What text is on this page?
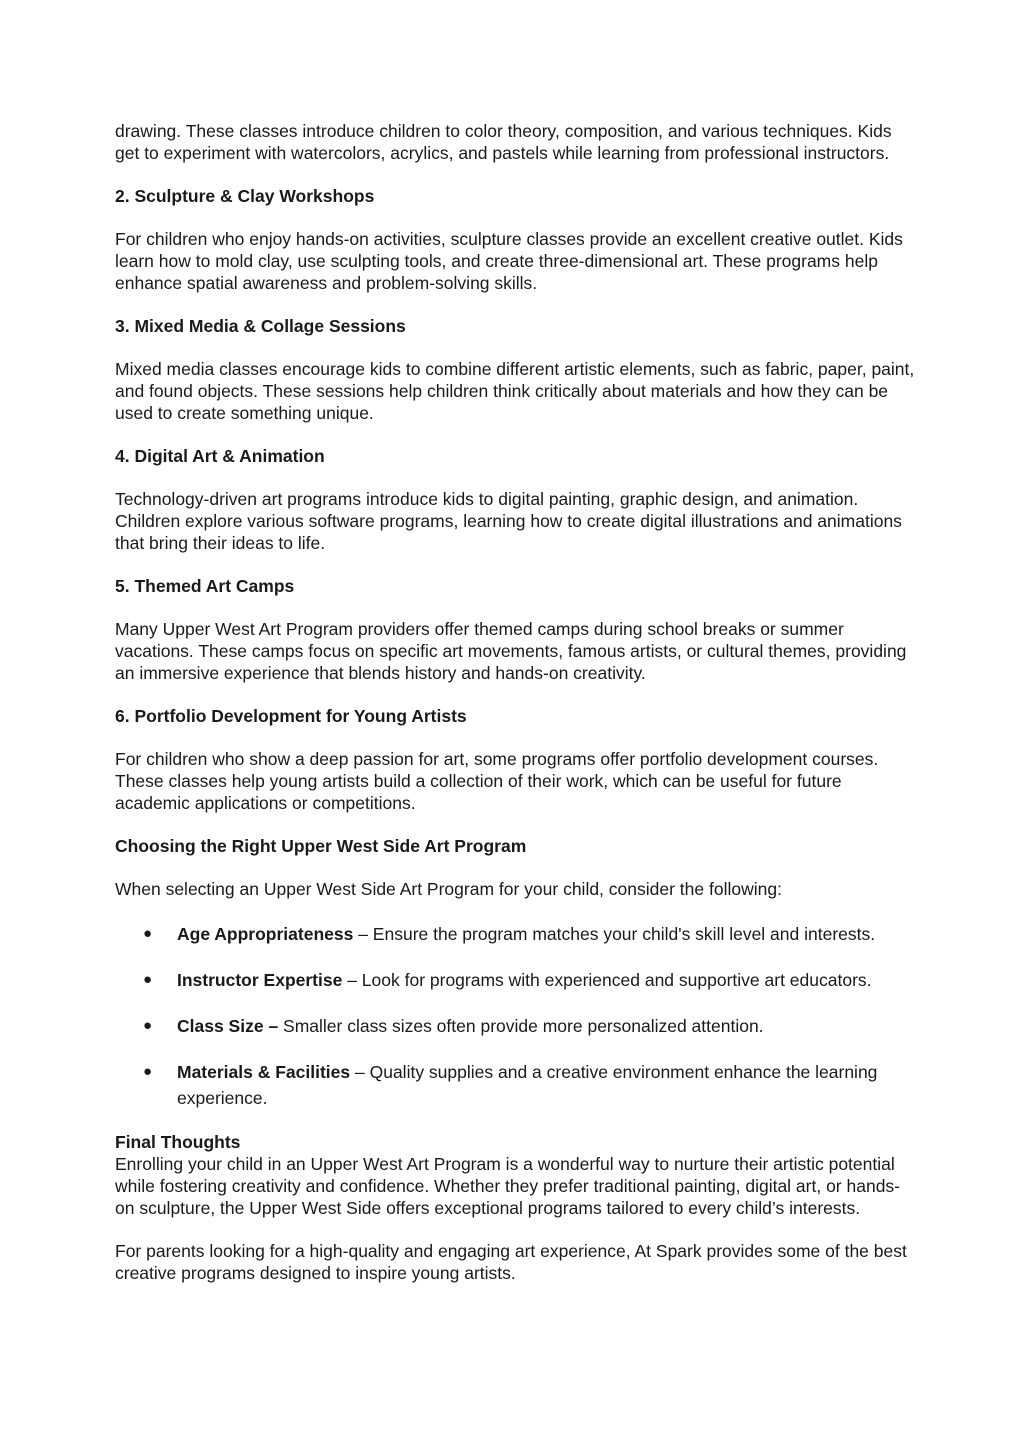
drawing. These classes introduce children to color theory, composition, and various techniques. Kids get to experiment with watercolors, acrylics, and pastels while learning from professional instructors.

2. Sculpture & Clay Workshops

For children who enjoy hands-on activities, sculpture classes provide an excellent creative outlet. Kids learn how to mold clay, use sculpting tools, and create three-dimensional art. These programs help enhance spatial awareness and problem-solving skills.

3. Mixed Media & Collage Sessions

Mixed media classes encourage kids to combine different artistic elements, such as fabric, paper, paint, and found objects. These sessions help children think critically about materials and how they can be used to create something unique.

4. Digital Art & Animation

Technology-driven art programs introduce kids to digital painting, graphic design, and animation. Children explore various software programs, learning how to create digital illustrations and animations that bring their ideas to life.

5. Themed Art Camps

Many Upper West Art Program providers offer themed camps during school breaks or summer vacations. These camps focus on specific art movements, famous artists, or cultural themes, providing an immersive experience that blends history and hands-on creativity.

6. Portfolio Development for Young Artists

For children who show a deep passion for art, some programs offer portfolio development courses. These classes help young artists build a collection of their work, which can be useful for future academic applications or competitions.

Choosing the Right Upper West Side Art Program

When selecting an Upper West Side Art Program for your child, consider the following:

● Age Appropriateness – Ensure the program matches your child's skill level and interests.
● Instructor Expertise – Look for programs with experienced and supportive art educators.
● Class Size – Smaller class sizes often provide more personalized attention.
● Materials & Facilities – Quality supplies and a creative environment enhance the learning experience.

Final Thoughts

Enrolling your child in an Upper West Art Program is a wonderful way to nurture their artistic potential while fostering creativity and confidence. Whether they prefer traditional painting, digital art, or hands-on sculpture, the Upper West Side offers exceptional programs tailored to every child’s interests.

For parents looking for a high-quality and engaging art experience, At Spark provides some of the best creative programs designed to inspire young artists.
